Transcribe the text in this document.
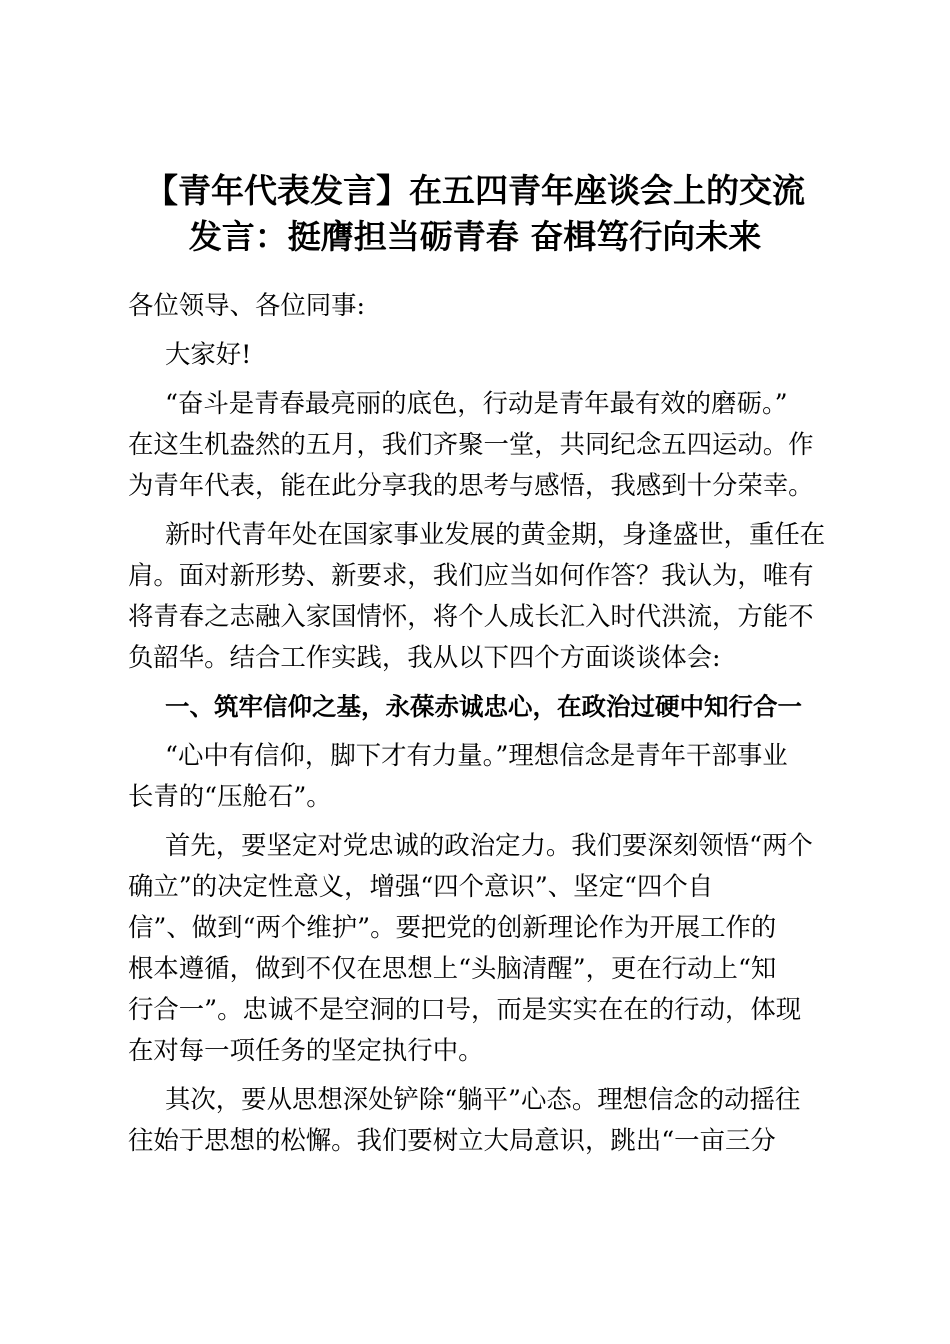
【青年代表发言】在五四青年座谈会上的交流
发言：挺膺担当砺青春 奋楫笃行向未来
各位领导、各位同事:
大家好!
“奋斗是青春最亮丽的底色，行动是青年最有效的磨砺。”
在这生机盎然的五月，我们齐聚一堂，共同纪念五四运动。作
为青年代表，能在此分享我的思考与感悟，我感到十分荣幸。
新时代青年处在国家事业发展的黄金期，身逢盛世，重任在
肩。面对新形势、新要求，我们应当如何作答？我认为，唯有
将青春之志融入家国情怀，将个人成长汇入时代洪流，方能不
负韶华。结合工作实践，我从以下四个方面谈谈体会:
一、筑牢信仰之基，永葆赤诚忠心，在政治过硬中知行合一
“心中有信仰，脚下才有力量。”理想信念是青年干部事业
长青的“压舱石”。
首先，要坚定对党忠诚的政治定力。我们要深刻领悟“两个
确立”的决定性意义，增强“四个意识”、坚定“四个自
信”、做到“两个维护”。要把党的创新理论作为开展工作的
根本遵循，做到不仅在思想上“头脑清醒”，更在行动上“知
行合一”。忠诚不是空洞的口号，而是实实在在的行动，体现
在对每一项任务的坚定执行中。
其次，要从思想深处铲除“躺平”心态。理想信念的动摇往
往始于思想的松懈。我们要树立大局意识，跳出“一亩三分
